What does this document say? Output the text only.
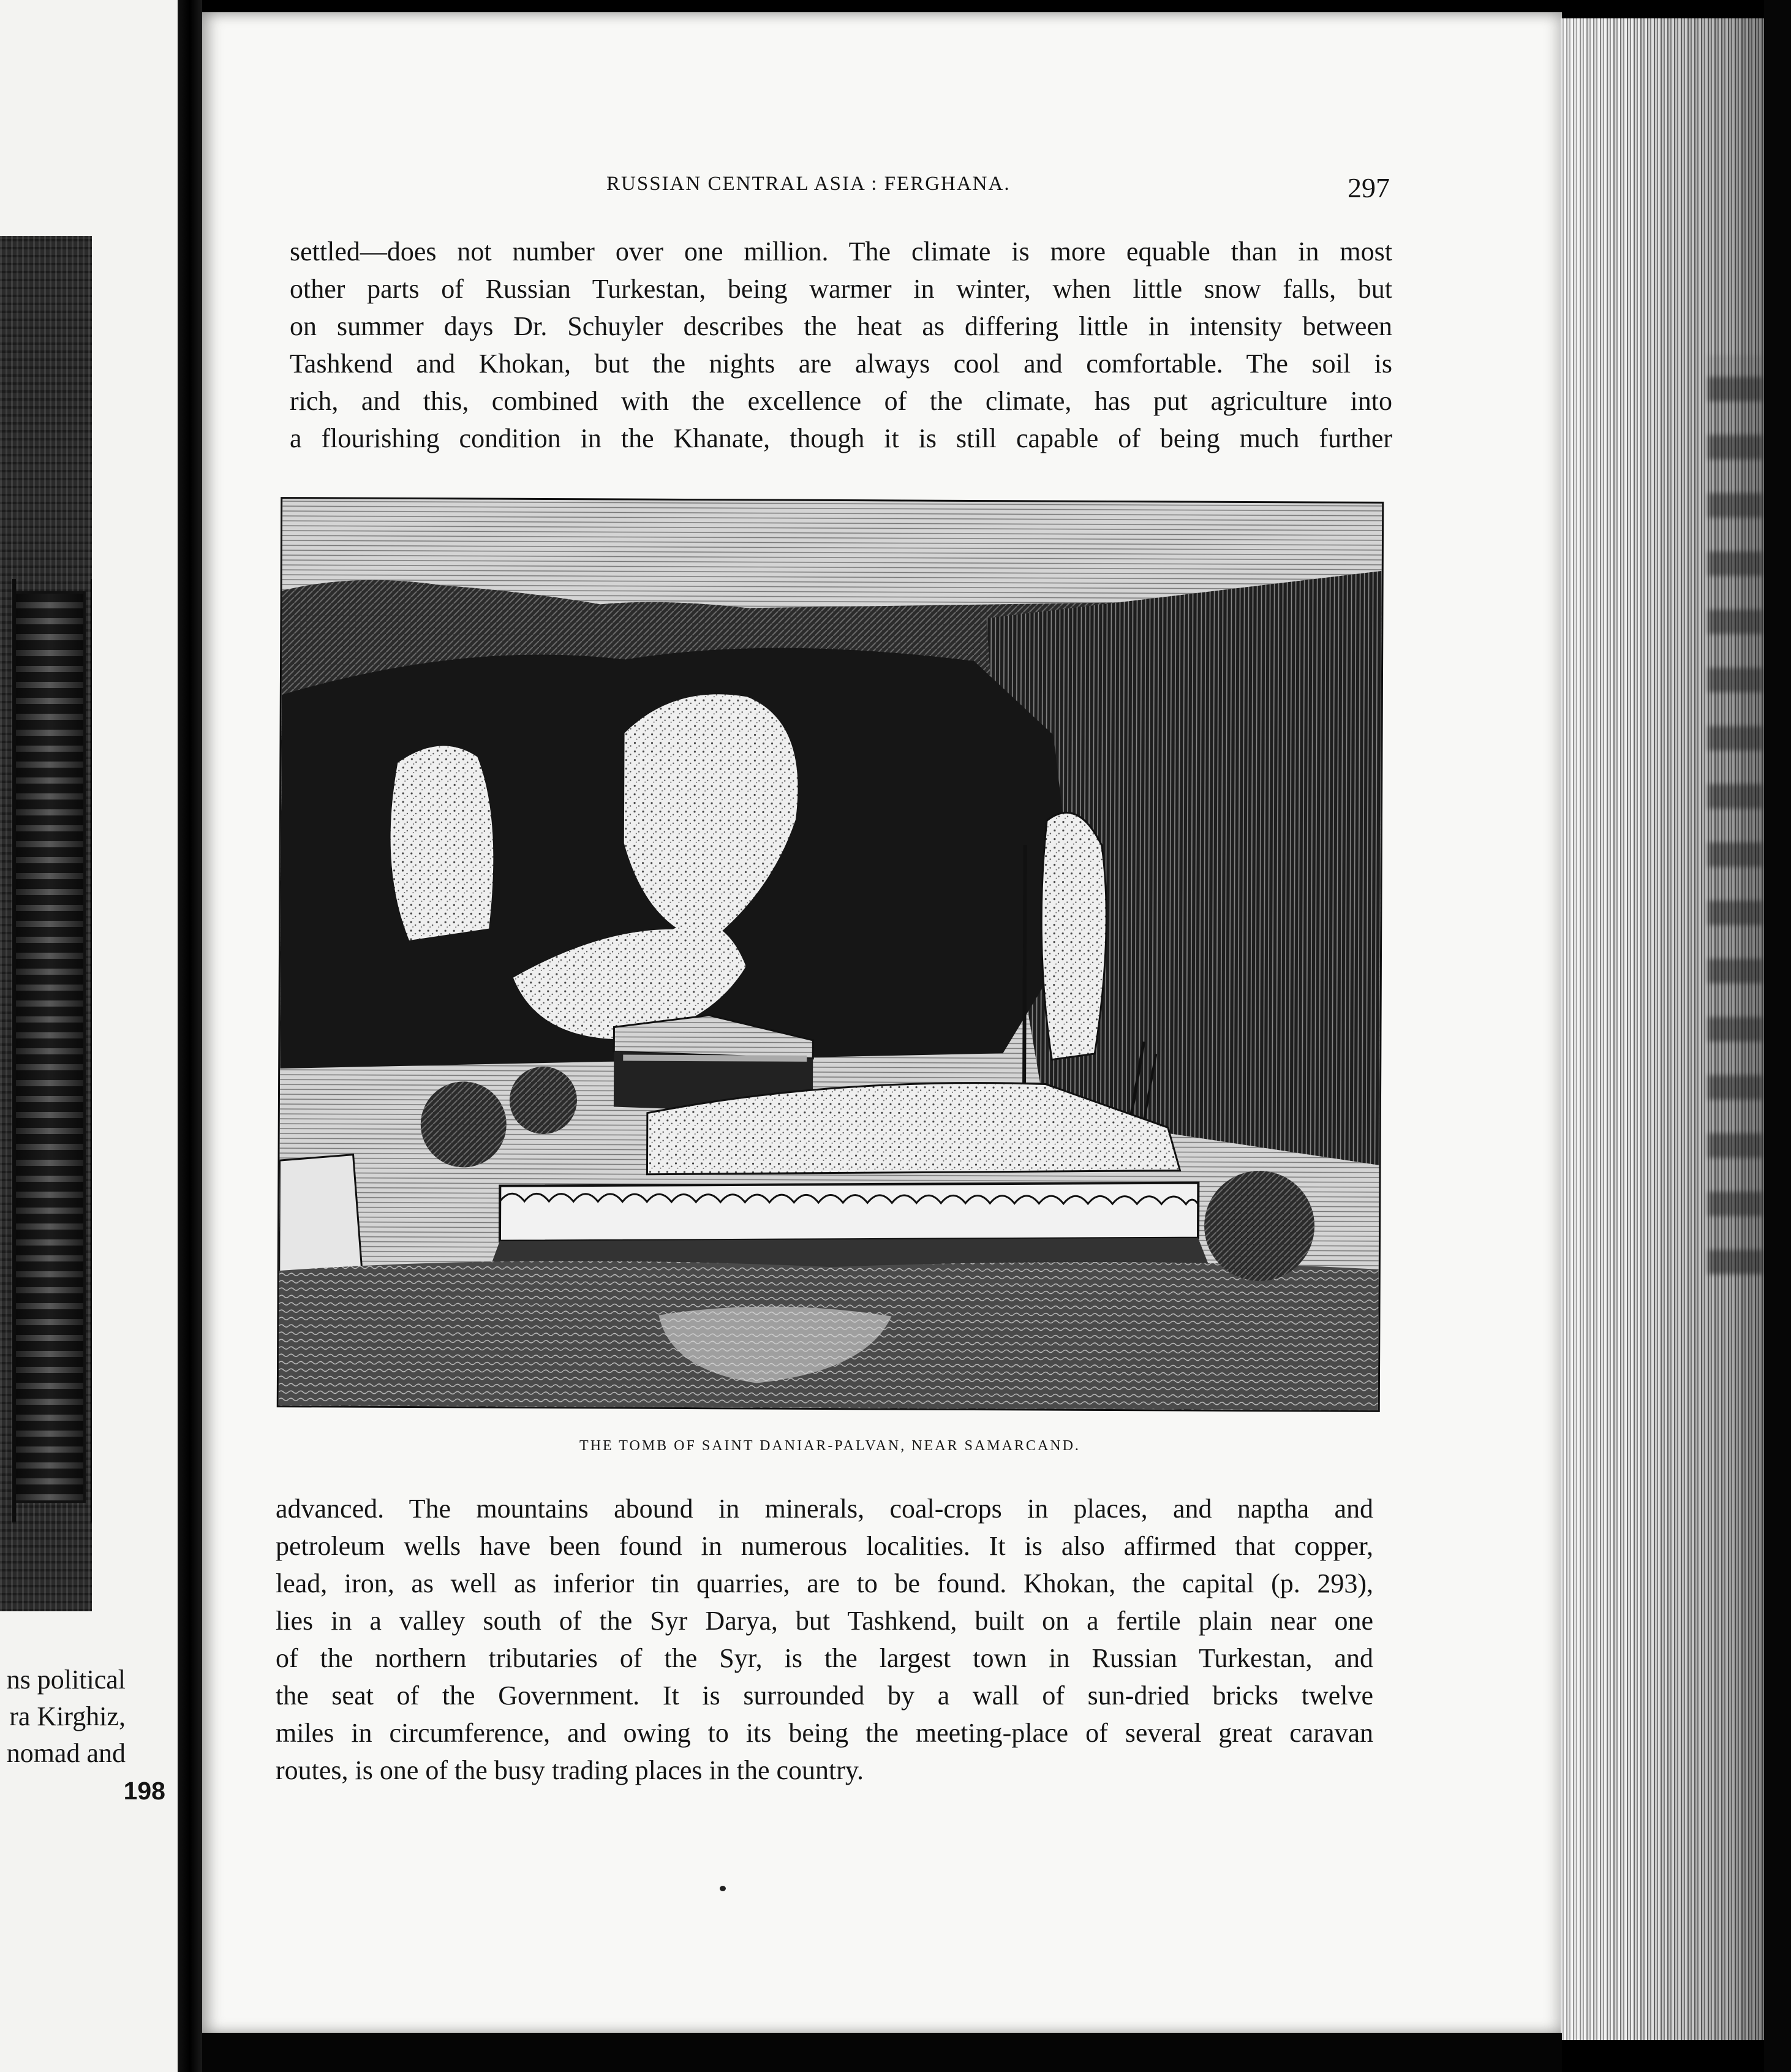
ns political
ra Kirghiz,
nomad and
198
RUSSIAN CENTRAL ASIA : FERGHANA.	297
settled—does not number over one million. The climate is more equable than in most
other parts of Russian Turkestan, being warmer in winter, when little snow falls, but
on summer days Dr. Schuyler describes the heat as differing little in intensity between
Tashkend and Khokan, but the nights are always cool and comfortable. The soil is
rich, and this, combined with the excellence of the climate, has put agriculture into
a flourishing condition in the Khanate, though it is still capable of being much further
THE TOMB OF SAINT DANIAR-PALVAN, NEAR SAMARCAND.
advanced. The mountains abound in minerals, coal-crops in places, and naptha and
petroleum wells have been found in numerous localities. It is also affirmed that copper,
lead, iron, as well as inferior tin quarries, are to be found. Khokan, the capital (p. 293),
lies in a valley south of the Syr Darya, but Tashkend, built on a fertile plain near one
of the northern tributaries of the Syr, is the largest town in Russian Turkestan, and
the seat of the Government. It is surrounded by a wall of sun-dried bricks twelve
miles in circumference, and owing to its being the meeting-place of several great caravan
routes, is one of the busy trading places in the country.
